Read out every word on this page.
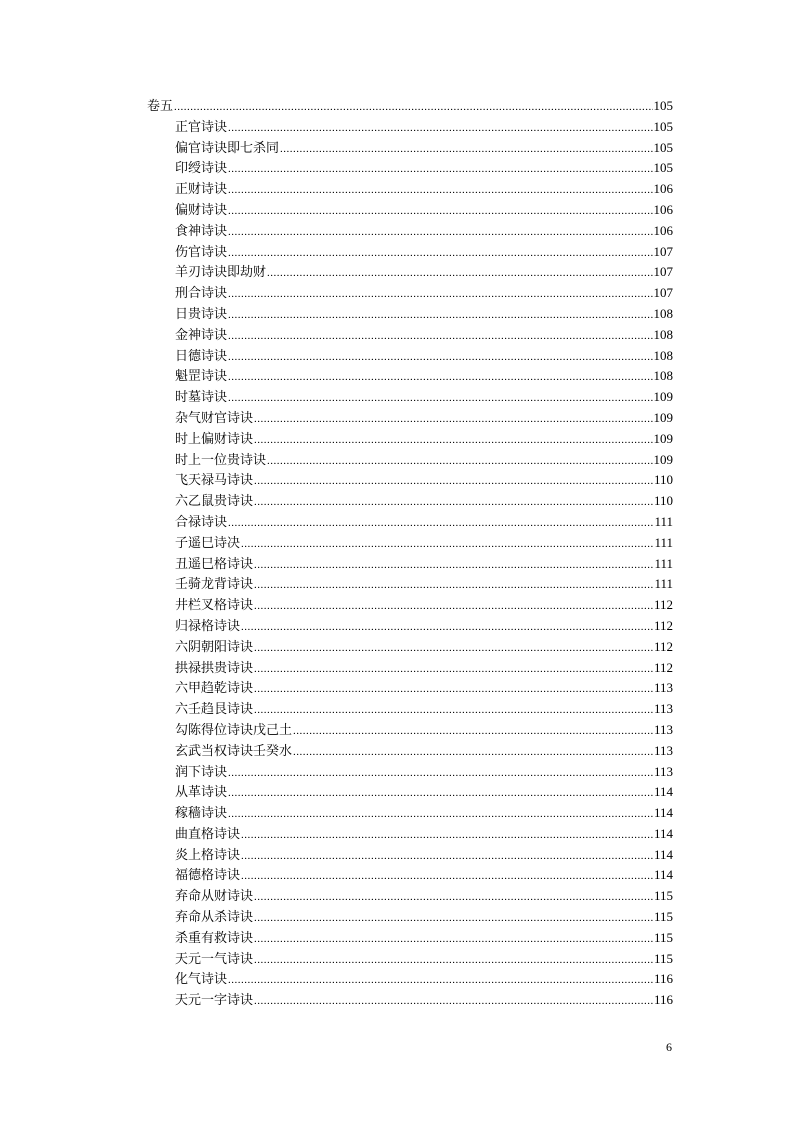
卷五 .....	105
正官诗诀 .....	105
偏官诗诀即七杀同 .....	105
印绶诗诀 .....	105
正财诗诀 .....	106
偏财诗诀 .....	106
食神诗诀 .....	106
伤官诗诀 .....	107
羊刃诗诀即劫财 .....	107
刑合诗诀 .....	107
日贵诗诀 .....	108
金神诗诀 .....	108
日德诗诀 .....	108
魁罡诗诀 .....	108
时墓诗诀 .....	109
杂气财官诗诀 .....	109
时上偏财诗诀 .....	109
时上一位贵诗诀 .....	109
飞天禄马诗诀 .....	110
六乙鼠贵诗诀 .....	110
合禄诗诀 .....	111
子遥巳诗决 .....	111
丑遥巳格诗诀 .....	111
壬骑龙背诗诀 .....	111
井栏叉格诗诀 .....	112
归禄格诗诀 .....	112
六阴朝阳诗诀 .....	112
拱禄拱贵诗诀 .....	112
六甲趋乾诗诀 .....	113
六壬趋艮诗诀 .....	113
勾陈得位诗诀戊己土 .....	113
玄武当权诗诀壬癸水 .....	113
润下诗诀 .....	113
从革诗诀 .....	114
稼穑诗诀 .....	114
曲直格诗诀 .....	114
炎上格诗诀 .....	114
福德格诗诀 .....	114
弃命从财诗诀 .....	115
弃命从杀诗诀 .....	115
杀重有救诗诀 .....	115
天元一气诗诀 .....	115
化气诗诀 .....	116
天元一字诗诀 .....	116
6
